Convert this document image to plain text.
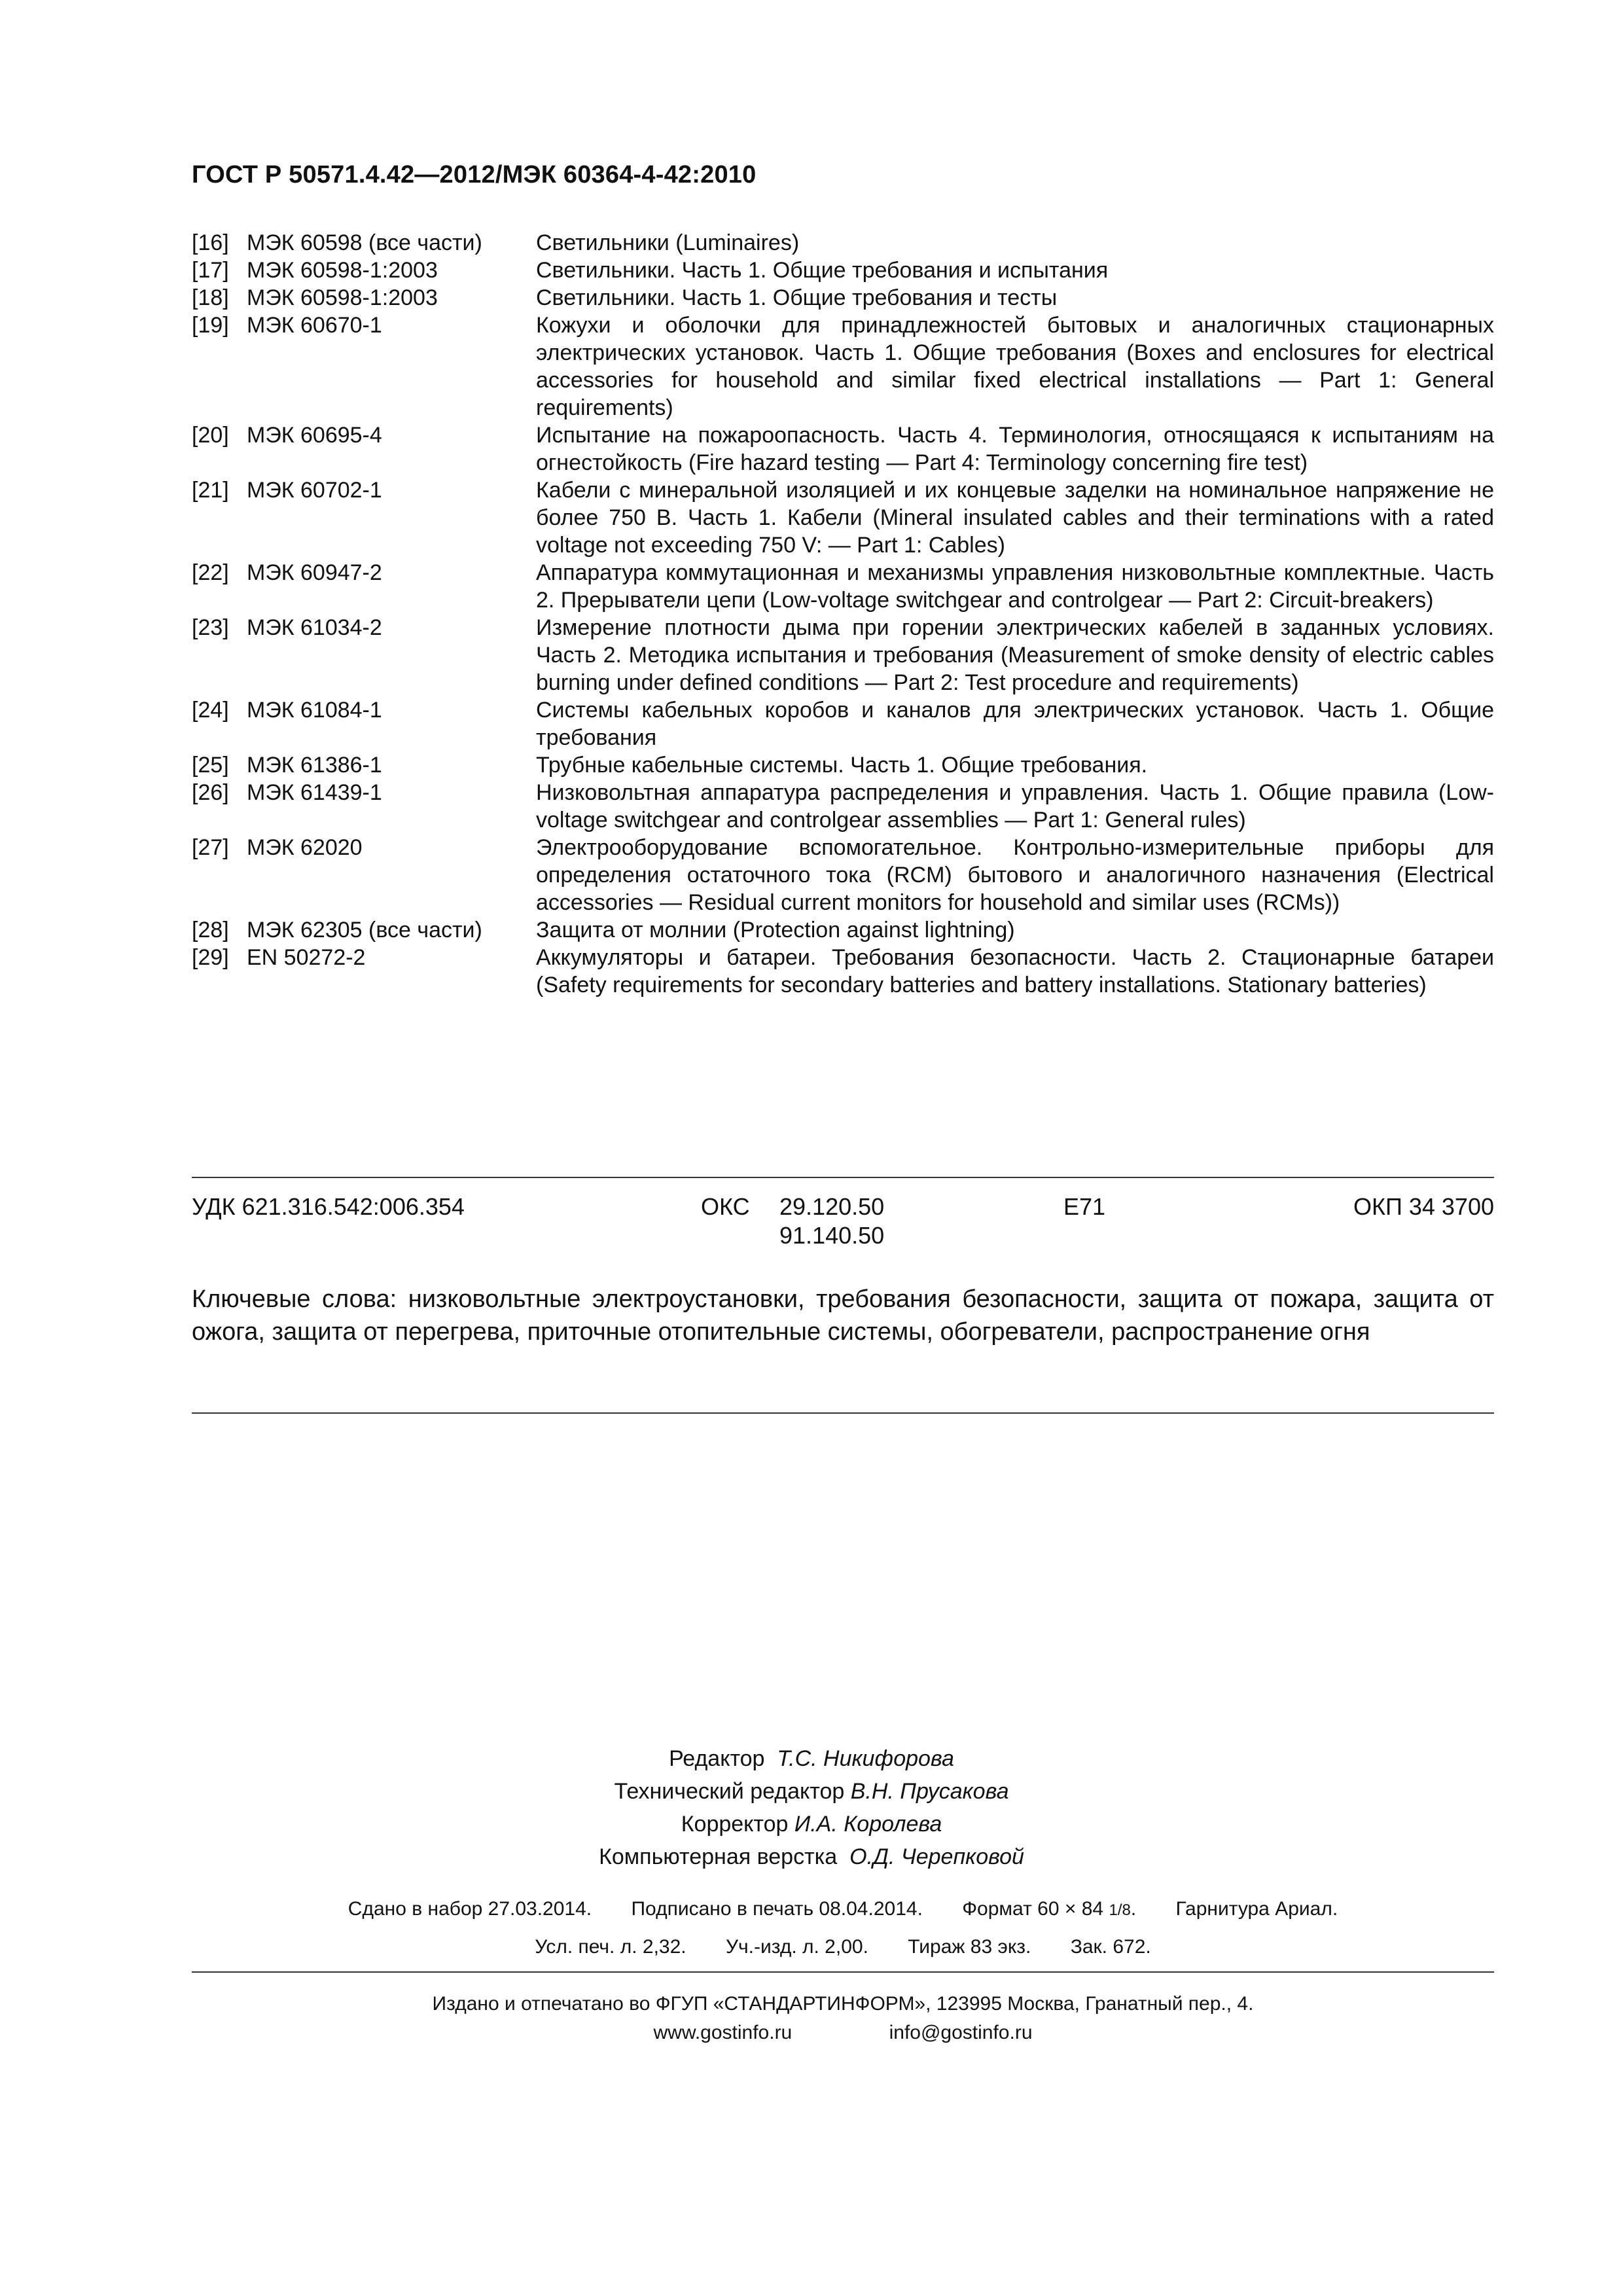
ГОСТ Р 50571.4.42—2012/МЭК 60364-4-42:2010
[16]	МЭК 60598 (все части)	Светильники (Luminaires)
[17]	МЭК 60598-1:2003	Светильники. Часть 1. Общие требования и испытания
[18]	МЭК 60598-1:2003	Светильники. Часть 1. Общие требования и тесты
[19]	МЭК 60670-1	Кожухи и оболочки для принадлежностей бытовых и аналогичных стационарных электрических установок. Часть 1. Общие требования (Boxes and enclosures for electrical accessories for household and similar fixed electrical installations — Part 1: General requirements)
[20]	МЭК 60695-4	Испытание на пожароопасность. Часть 4. Терминология, относящаяся к испытаниям на огнестойкость (Fire hazard testing — Part 4: Terminology concerning fire test)
[21]	МЭК 60702-1	Кабели с минеральной изоляцией и их концевые заделки на номинальное напряжение не более 750 В. Часть 1. Кабели (Mineral insulated cables and their terminations with a rated voltage not exceeding 750 V: — Part 1: Cables)
[22]	МЭК 60947-2	Аппаратура коммутационная и механизмы управления низковольтные комплектные. Часть 2. Прерыватели цепи (Low-voltage switchgear and controlgear — Part 2: Circuit-breakers)
[23]	МЭК 61034-2	Измерение плотности дыма при горении электрических кабелей в заданных условиях. Часть 2. Методика испытания и требования (Measurement of smoke density of electric cables burning under defined conditions — Part 2: Test procedure and requirements)
[24]	МЭК 61084-1	Системы кабельных коробов и каналов для электрических установок. Часть 1. Общие требования
[25]	МЭК 61386-1	Трубные кабельные системы. Часть 1. Общие требования.
[26]	МЭК 61439-1	Низковольтная аппаратура распределения и управления. Часть 1. Общие правила (Low-voltage switchgear and controlgear assemblies — Part 1: General rules)
[27]	МЭК 62020	Электрооборудование вспомогательное. Контрольно-измерительные приборы для определения остаточного тока (RCM) бытового и аналогичного назначения (Electrical accessories — Residual current monitors for household and similar uses (RCMs))
[28]	МЭК 62305 (все части)	Защита от молнии (Protection against lightning)
[29]	EN 50272-2	Аккумуляторы и батареи. Требования безопасности. Часть 2. Стационарные батареи (Safety requirements for secondary batteries and battery installations. Stationary batteries)
УДК 621.316.542:006.354	ОКС 29.120.50
91.140.50
Е71	ОКП 34 3700
Ключевые слова: низковольтные электроустановки, требования безопасности, защита от пожара, защита от ожога, защита от перегрева, приточные отопительные системы, обогреватели, распространение огня
Редактор Т.С. Никифорова
Технический редактор В.Н. Прусакова
Корректор И.А. Королева
Компьютерная верстка О.Д. Черепковой
Сдано в набор 27.03.2014. Подписано в печать 08.04.2014. Формат 60 × 84 1/8. Гарнитура Ариал.
Усл. печ. л. 2,32. Уч.-изд. л. 2,00. Тираж 83 экз. Зак. 672.
Издано и отпечатано во ФГУП «СТАНДАРТИНФОРМ», 123995 Москва, Гранатный пер., 4.
www.gostinfo.ru	info@gostinfo.ru
